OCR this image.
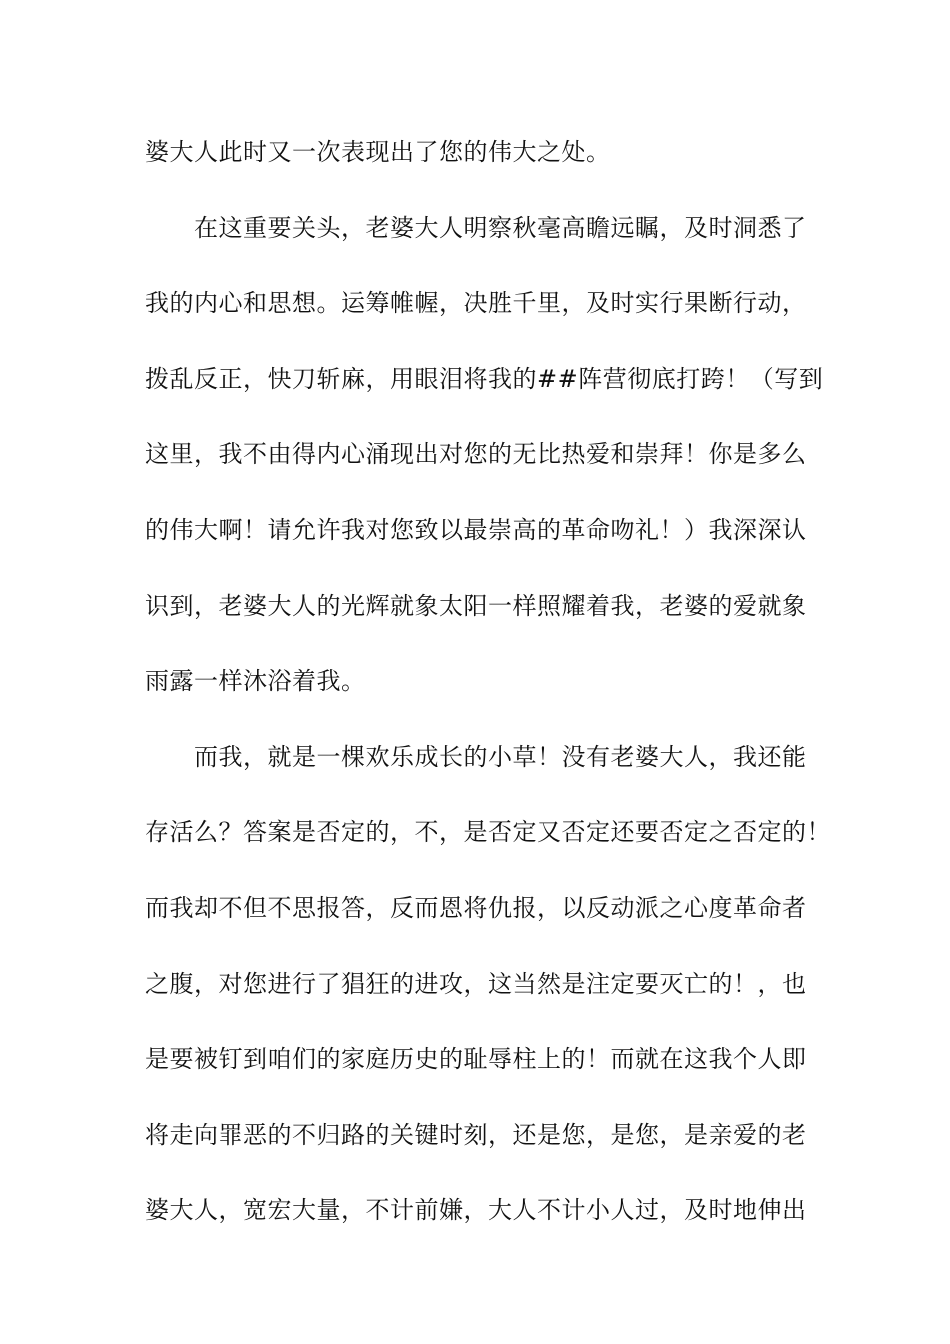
婆大人此时又一次表现出了您的伟大之处。
　　在这重要关头，老婆大人明察秋毫高瞻远瞩，及时洞悉了
我的内心和思想。运筹帷幄，决胜千里，及时实行果断行动，
拨乱反正，快刀斩麻，用眼泪将我的##阵营彻底打跨！（写到
这里，我不由得内心涌现出对您的无比热爱和崇拜！你是多么
的伟大啊！请允许我对您致以最崇高的革命吻礼！）我深深认
识到，老婆大人的光辉就象太阳一样照耀着我，老婆的爱就象
雨露一样沐浴着我。
　　而我，就是一棵欢乐成长的小草！没有老婆大人，我还能
存活么？答案是否定的，不，是否定又否定还要否定之否定的！
而我却不但不思报答，反而恩将仇报，以反动派之心度革命者
之腹，对您进行了猖狂的进攻，这当然是注定要灭亡的！，也
是要被钉到咱们的家庭历史的耻辱柱上的！而就在这我个人即
将走向罪恶的不归路的关键时刻，还是您，是您，是亲爱的老
婆大人，宽宏大量，不计前嫌，大人不计小人过，及时地伸出
